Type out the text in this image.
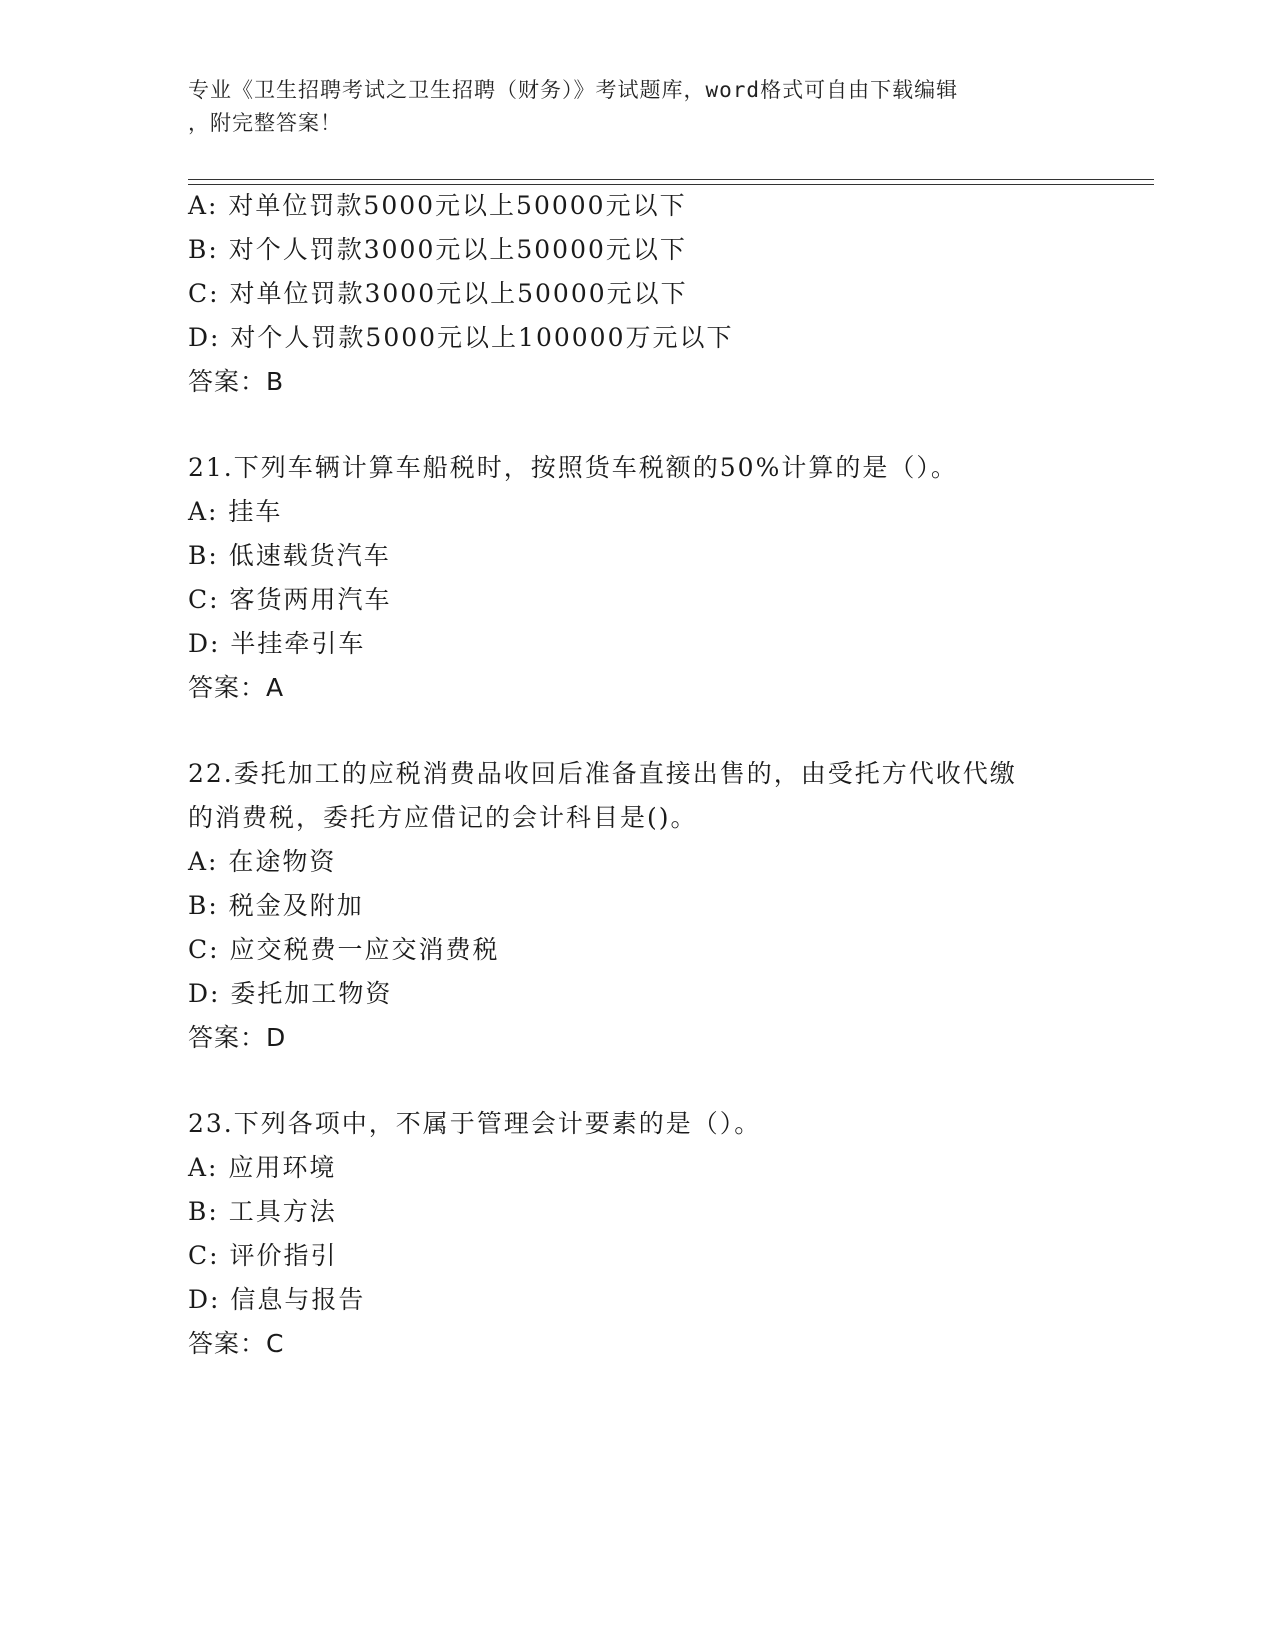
专业《卫生招聘考试之卫生招聘（财务）》考试题库，word格式可自由下载编辑
，附完整答案！
A: 对单位罚款5000元以上50000元以下
B: 对个人罚款3000元以上50000元以下
C: 对单位罚款3000元以上50000元以下
D: 对个人罚款5000元以上100000万元以下
答案：B
21.下列车辆计算车船税时，按照货车税额的50%计算的是（）。
A: 挂车
B: 低速载货汽车
C: 客货两用汽车
D: 半挂牵引车
答案：A
22.委托加工的应税消费品收回后准备直接出售的，由受托方代收代缴
的消费税，委托方应借记的会计科目是()。
A: 在途物资
B: 税金及附加
C: 应交税费一应交消费税
D: 委托加工物资
答案：D
23.下列各项中，不属于管理会计要素的是（）。
A: 应用环境
B: 工具方法
C: 评价指引
D: 信息与报告
答案：C
